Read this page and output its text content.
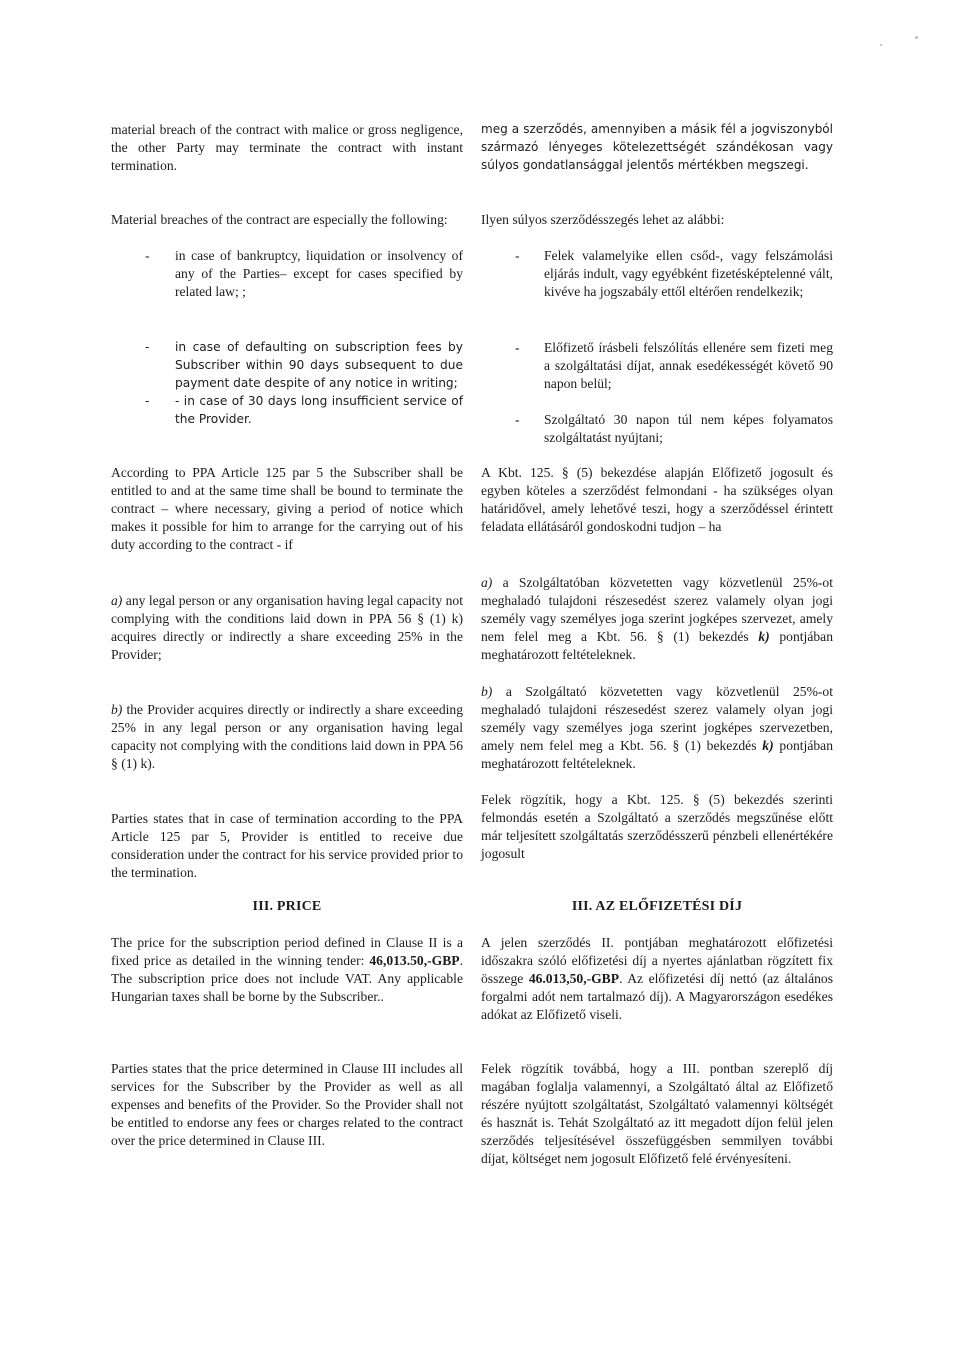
material breach of the contract with malice or gross negligence, the other Party may terminate the contract with instant termination.

Material breaches of the contract are especially the following:

- in case of bankruptcy, liquidation or insolvency of any of the Parties– except for cases specified by related law; ;
- in case of defaulting on subscription fees by Subscriber within 90 days subsequent to due payment date despite of any notice in writing;
- - in case of 30 days long insufficient service of the Provider.

According to PPA Article 125 par 5 the Subscriber shall be entitled to and at the same time shall be bound to terminate the contract – where necessary, giving a period of notice which makes it possible for him to arrange for the carrying out of his duty according to the contract - if

a) any legal person or any organisation having legal capacity not complying with the conditions laid down in PPA 56 § (1) k) acquires directly or indirectly a share exceeding 25% in the Provider;

b) the Provider acquires directly or indirectly a share exceeding 25% in any legal person or any organisation having legal capacity not complying with the conditions laid down in PPA 56 § (1) k).

Parties states that in case of termination according to the PPA Article 125 par 5, Provider is entitled to receive due consideration under the contract for his service provided prior to the termination.

III. PRICE

The price for the subscription period defined in Clause II is a fixed price as detailed in the winning tender: 46,013.50,-GBP. The subscription price does not include VAT. Any applicable Hungarian taxes shall be borne by the Subscriber..

Parties states that the price determined in Clause III includes all services for the Subscriber by the Provider as well as all expenses and benefits of the Provider. So the Provider shall not be entitled to endorse any fees or charges related to the contract over the price determined in Clause III.

meg a szerződés, amennyiben a másik fél a jogviszonyból származó lényeges kötelezettségét szándékosan vagy súlyos gondatlansággal jelentős mértékben megszegi.

Ilyen súlyos szerződésszegés lehet az alábbi:

- Felek valamelyike ellen csőd-, vagy felszámolási eljárás indult, vagy egyébként fizetésképtelenné vált, kivéve ha jogszabály ettől eltérően rendelkezik;
- Előfizető írásbeli felszólítás ellenére sem fizeti meg a szolgáltatási díjat, annak esedékességét követő 90 napon belül;
- Szolgáltató 30 napon túl nem képes folyamatos szolgáltatást nyújtani;

A Kbt. 125. § (5) bekezdése alapján Előfizető jogosult és egyben köteles a szerződést felmondani - ha szükséges olyan határidővel, amely lehetővé teszi, hogy a szerződéssel érintett feladata ellátásáról gondoskodni tudjon – ha

a) a Szolgáltatóban közvetetten vagy közvetlenül 25%-ot meghaladó tulajdoni részesedést szerez valamely olyan jogi személy vagy személyes joga szerint jogképes szervezet, amely nem felel meg a Kbt. 56. § (1) bekezdés k) pontjában meghatározott feltételeknek.

b) a Szolgáltató közvetetten vagy közvetlenül 25%-ot meghaladó tulajdoni részesedést szerez valamely olyan jogi személy vagy személyes joga szerint jogképes szervezetben, amely nem felel meg a Kbt. 56. § (1) bekezdés k) pontjában meghatározott feltételeknek.

Felek rögzítik, hogy a Kbt. 125. § (5) bekezdés szerinti felmondás esetén a Szolgáltató a szerződés megszűnése előtt már teljesített szolgáltatás szerződésszerű pénzbeli ellenértékére jogosult

III. AZ ELŐFIZETÉSI DÍJ

A jelen szerződés II. pontjában meghatározott előfizetési időszakra szóló előfizetési díj a nyertes ajánlatban rögzített fix összege 46.013,50,-GBP. Az előfizetési díj nettó (az általános forgalmi adót nem tartalmazó díj). A Magyarországon esedékes adókat az Előfizető viseli.

Felek rögzítik továbbá, hogy a III. pontban szereplő díj magában foglalja valamennyi, a Szolgáltató által az Előfizető részére nyújtott szolgáltatást, Szolgáltató valamennyi költségét és hasznát is. Tehát Szolgáltató az itt megadott díjon felül jelen szerződés teljesítésével összefüggésben semmilyen további díjat, költséget nem jogosult Előfizető felé érvényesíteni.
